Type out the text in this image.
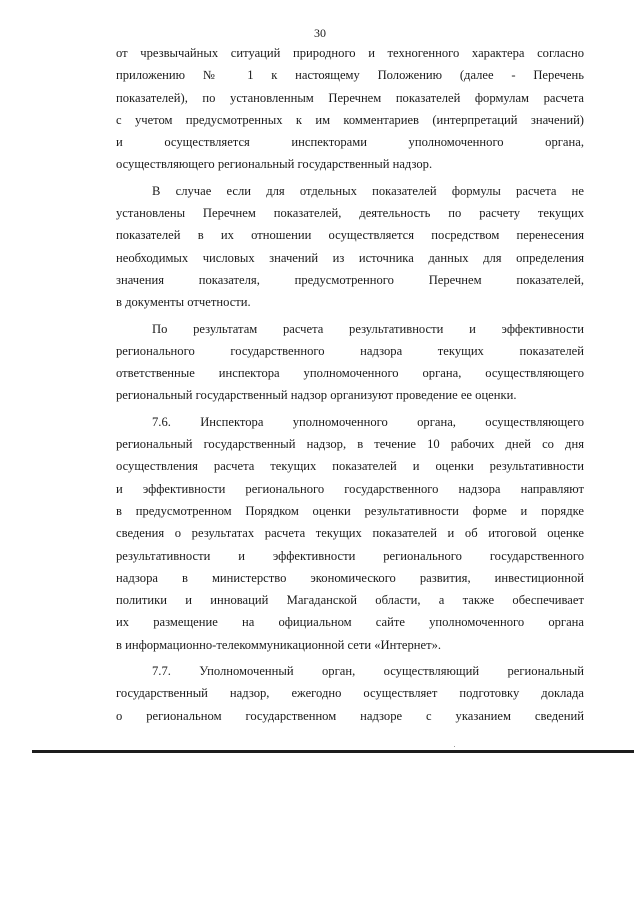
30
от чрезвычайных ситуаций природного и техногенного характера согласно
приложению № 1 к настоящему Положению (далее - Перечень
показателей), по установленным Перечнем показателей формулам расчета
с учетом предусмотренных к им комментариев (интерпретаций значений)
и осуществляется инспекторами уполномоченного органа,
осуществляющего региональный государственный надзор.
В случае если для отдельных показателей формулы расчета не
установлены Перечнем показателей, деятельность по расчету текущих
показателей в их отношении осуществляется посредством перенесения
необходимых числовых значений из источника данных для определения
значения показателя, предусмотренного Перечнем показателей,
в документы отчетности.
По результатам расчета результативности и эффективности
регионального государственного надзора текущих показателей
ответственные инспектора уполномоченного органа, осуществляющего
региональный государственный надзор организуют проведение ее оценки.
7.6. Инспектора уполномоченного органа, осуществляющего
региональный государственный надзор, в течение 10 рабочих дней со дня
осуществления расчета текущих показателей и оценки результативности
и эффективности регионального государственного надзора направляют
в предусмотренном Порядком оценки результативности форме и порядке
сведения о результатах расчета текущих показателей и об итоговой оценке
результативности и эффективности регионального государственного
надзора в министерство экономического развития, инвестиционной
политики и инноваций Магаданской области, а также обеспечивает
их размещение на официальном сайте уполномоченного органа
в информационно-телекоммуникационной сети «Интернет».
7.7. Уполномоченный орган, осуществляющий региональный
государственный надзор, ежегодно осуществляет подготовку доклада
о региональном государственном надзоре с указанием сведений
